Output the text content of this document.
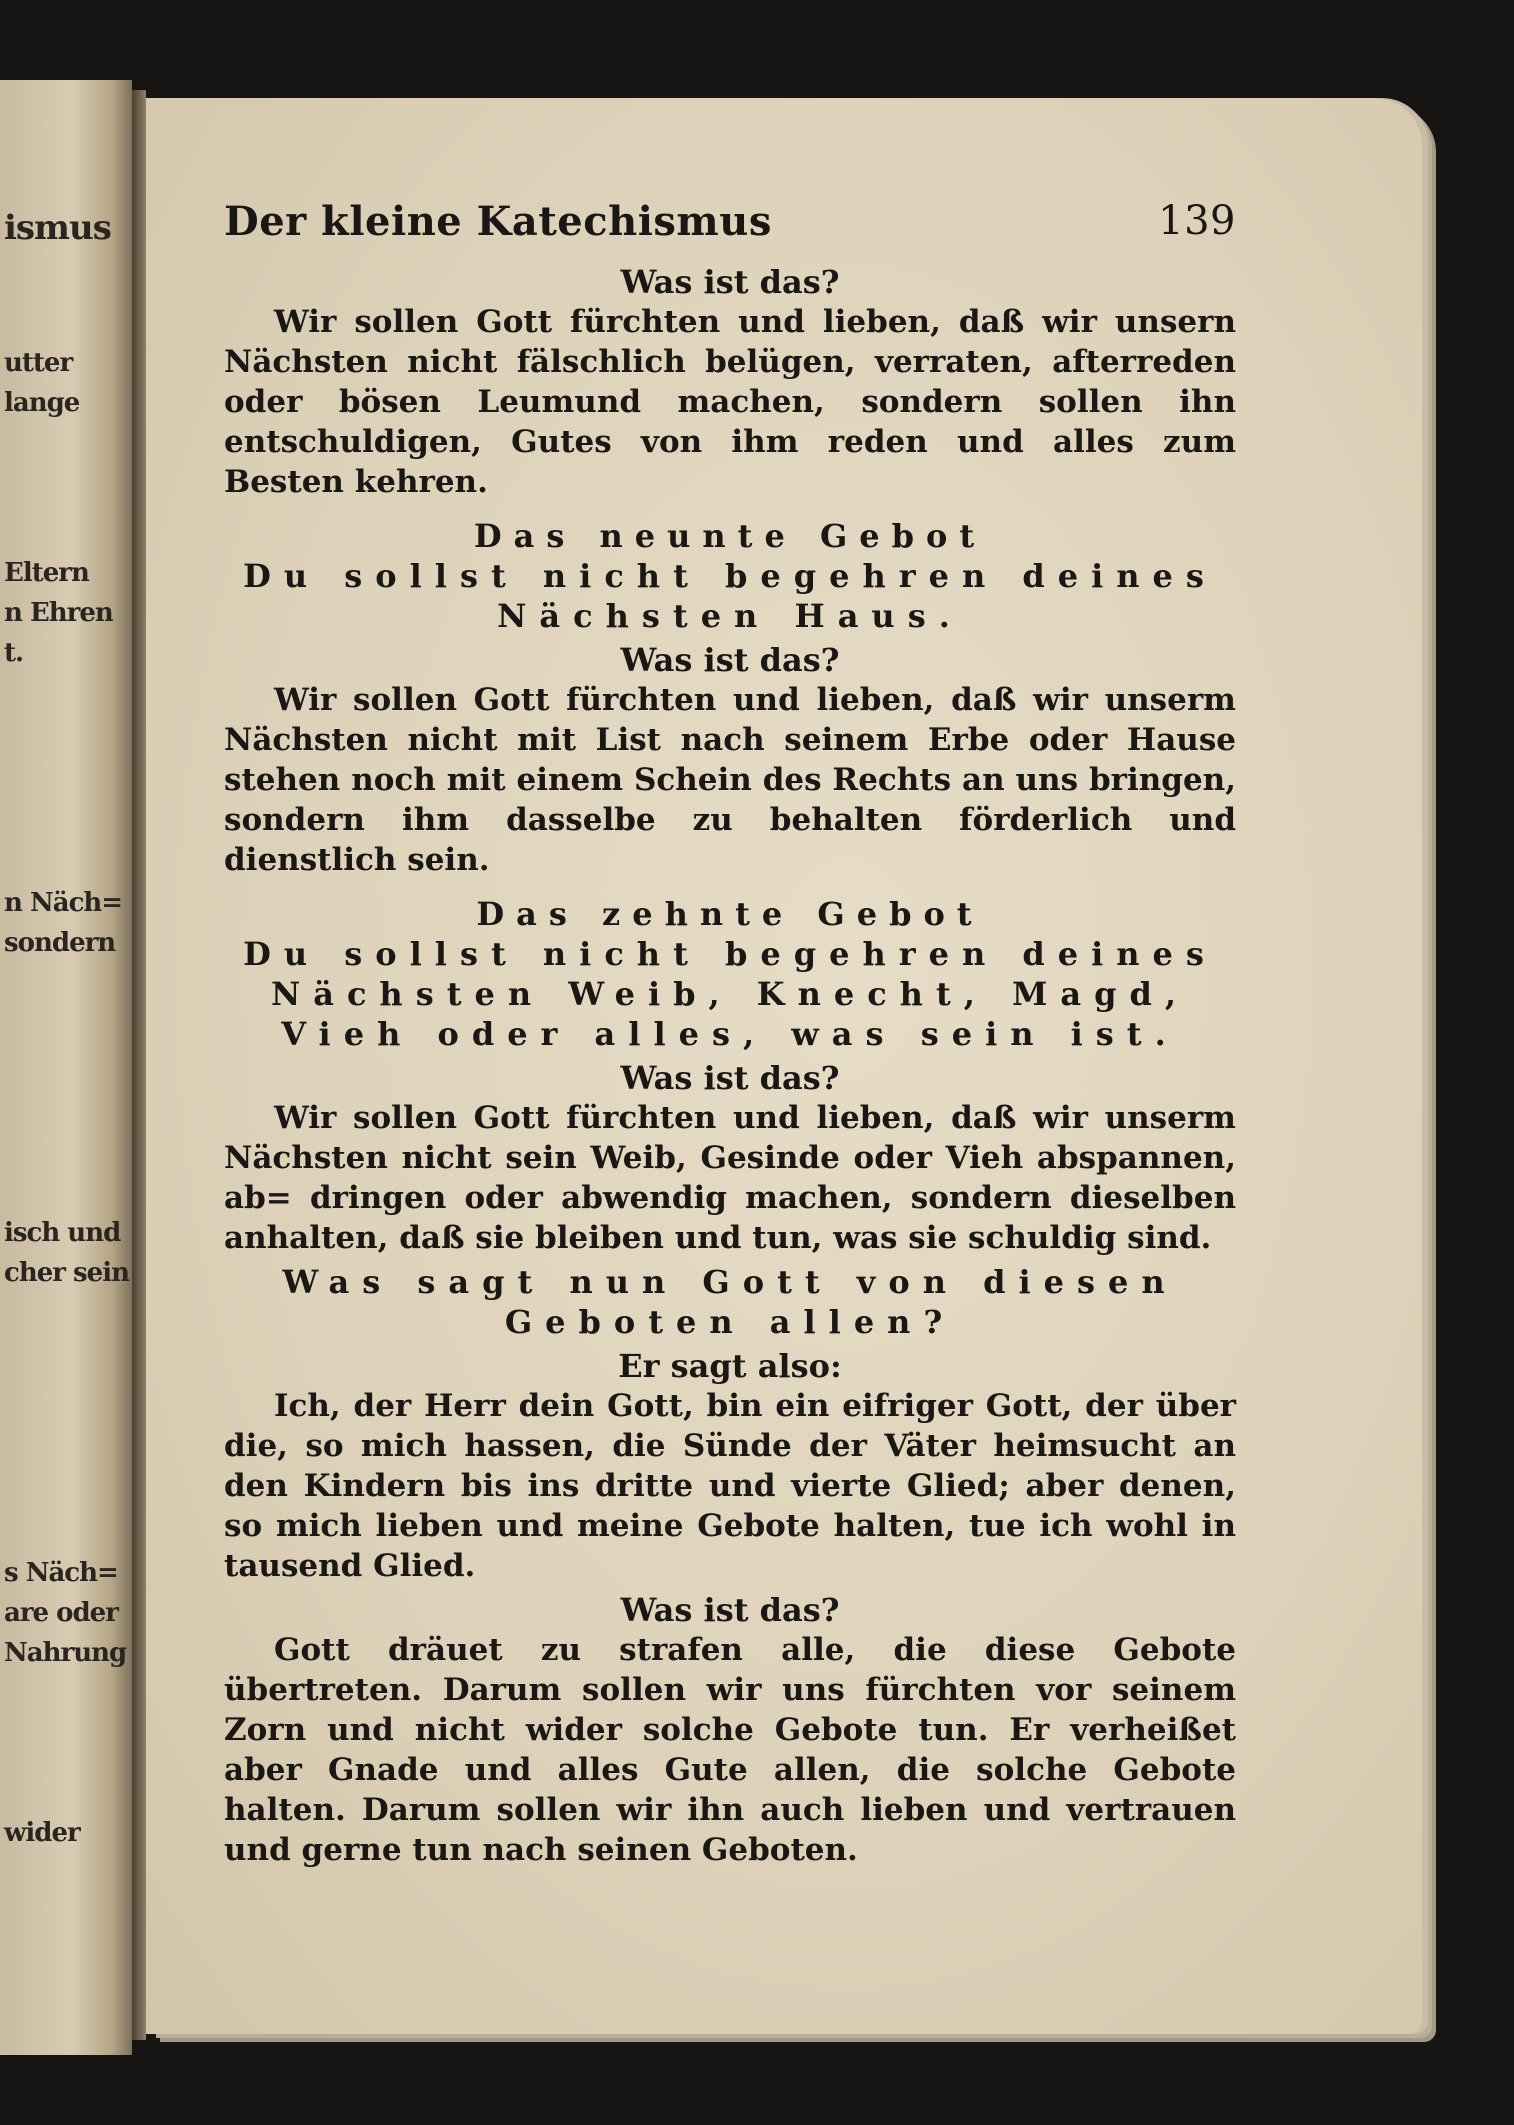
ismus
utter
lange
Eltern
n Ehren
t.
n Näch=
sondern
isch und
cher sein
s Näch=
are oder
Nahrung
wider
Der kleine Katechismus	139
Was ist das?
Wir sollen Gott fürchten und lieben, daß wir unsern Nächsten nicht fälschlich belügen, verraten, afterreden oder bösen Leumund machen, sondern sollen ihn entschuldigen, Gutes von ihm reden und alles zum Besten kehren.
Das neunte Gebot
Du sollst nicht begehren deines Nächsten Haus.
Was ist das?
Wir sollen Gott fürchten und lieben, daß wir unserm Nächsten nicht mit List nach seinem Erbe oder Hause stehen noch mit einem Schein des Rechts an uns bringen, sondern ihm dasselbe zu behalten förderlich und dienstlich sein.
Das zehnte Gebot
Du sollst nicht begehren deines Nächsten Weib, Knecht, Magd, Vieh oder alles, was sein ist.
Was ist das?
Wir sollen Gott fürchten und lieben, daß wir unserm Nächsten nicht sein Weib, Gesinde oder Vieh abspannen, ab= dringen oder abwendig machen, sondern dieselben anhalten, daß sie bleiben und tun, was sie schuldig sind.
Was sagt nun Gott von diesen Geboten allen?
Er sagt also:
Ich, der Herr dein Gott, bin ein eifriger Gott, der über die, so mich hassen, die Sünde der Väter heimsucht an den Kindern bis ins dritte und vierte Glied; aber denen, so mich lieben und meine Gebote halten, tue ich wohl in tausend Glied.
Was ist das?
Gott dräuet zu strafen alle, die diese Gebote übertreten. Darum sollen wir uns fürchten vor seinem Zorn und nicht wider solche Gebote tun. Er verheißet aber Gnade und alles Gute allen, die solche Gebote halten. Darum sollen wir ihn auch lieben und vertrauen und gerne tun nach seinen Geboten.
